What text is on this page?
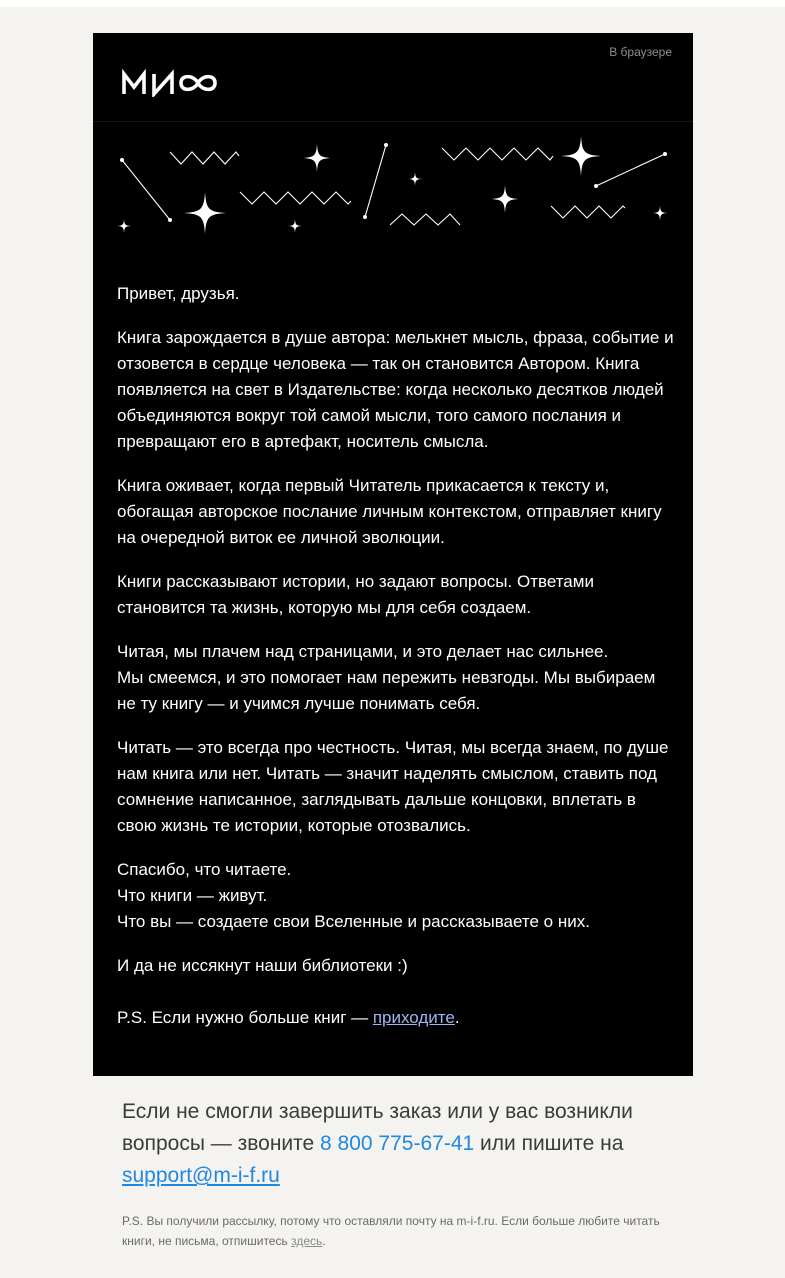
В браузере

Привет, друзья.

Книга зарождается в душе автора: мелькнет мысль, фраза, событие и отзовется в сердце человека — так он становится Автором. Книга появляется на свет в Издательстве: когда несколько десятков людей объединяются вокруг той самой мысли, того самого послания и превращают его в артефакт, носитель смысла.

Книга оживает, когда первый Читатель прикасается к тексту и, обогащая авторское послание личным контекстом, отправляет книгу на очередной виток ее личной эволюции.

Книги рассказывают истории, но задают вопросы. Ответами становится та жизнь, которую мы для себя создаем.

Читая, мы плачем над страницами, и это делает нас сильнее.
Мы смеемся, и это помогает нам пережить невзгоды. Мы выбираем не ту книгу — и учимся лучше понимать себя.

Читать — это всегда про честность. Читая, мы всегда знаем, по душе нам книга или нет. Читать — значит наделять смыслом, ставить под сомнение написанное, заглядывать дальше концовки, вплетать в свою жизнь те истории, которые отозвались.

Спасибо, что читаете.
Что книги — живут.
Что вы — создаете свои Вселенные и рассказываете о них.

И да не иссякнут наши библиотеки :)

P.S. Если нужно больше книг — приходите.

Если не смогли завершить заказ или у вас возникли вопросы — звоните 8 800 775-67-41 или пишите на support@m-i-f.ru

P.S. Вы получили рассылку, потому что оставляли почту на m-i-f.ru. Если больше любите читать книги, не письма, отпишитесь здесь.
